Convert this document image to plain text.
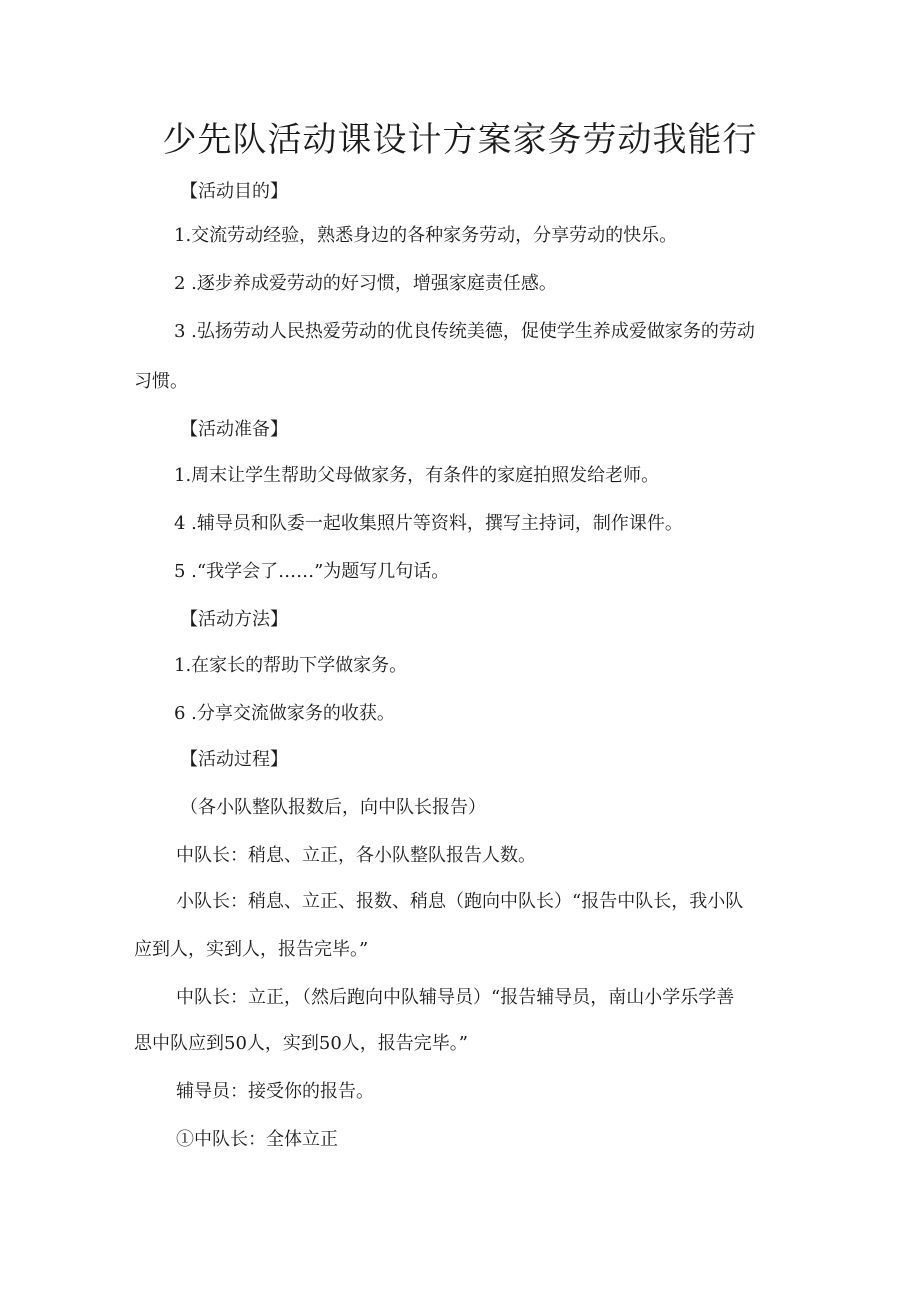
少先队活动课设计方案家务劳动我能行

【活动目的】

1.交流劳动经验，熟悉身边的各种家务劳动，分享劳动的快乐。

2 .逐步养成爱劳动的好习惯，增强家庭责任感。

3 .弘扬劳动人民热爱劳动的优良传统美德，促使学生养成爱做家务的劳动

习惯。

【活动准备】

1.周末让学生帮助父母做家务，有条件的家庭拍照发给老师。

4 .辅导员和队委一起收集照片等资料，撰写主持词，制作课件。

5 .“我学会了……”为题写几句话。

【活动方法】

1.在家长的帮助下学做家务。

6 .分享交流做家务的收获。

【活动过程】

（各小队整队报数后，向中队长报告）

中队长：稍息、立正，各小队整队报告人数。

小队长：稍息、立正、报数、稍息（跑向中队长）“报告中队长，我小队

应到人，实到人，报告完毕。”

中队长：立正，（然后跑向中队辅导员）“报告辅导员，南山小学乐学善

思中队应到50人，实到50人，报告完毕。”

辅导员：接受你的报告。

①中队长：全体立正
